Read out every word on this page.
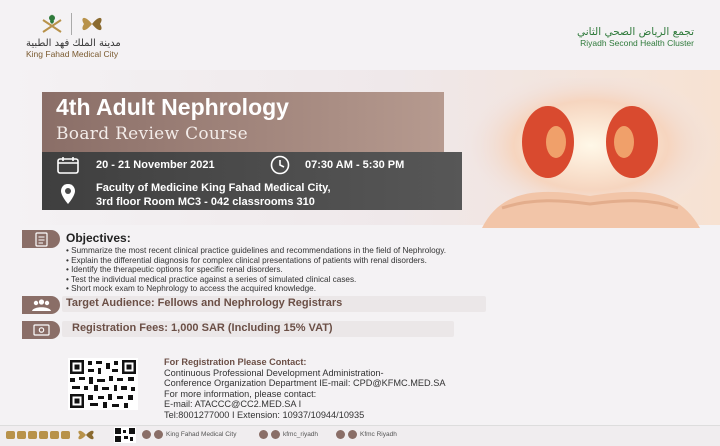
مدينة الملك فهد الطبية
King Fahad Medical City
تجمع الرياض الصحي الثاني
Riyadh Second Health Cluster
4th Adult Nephrology
Board Review Course
20 - 21 November 2021	07:30 AM - 5:30 PM
Faculty of Medicine King Fahad Medical City,
3rd floor Room MC3 - 042 classrooms 310
Objectives:
• Summarize the most recent clinical practice guidelines and recommendations in the field of Nephrology.
• Explain the differential diagnosis for complex clinical presentations of patients with renal disorders.
• Identify the therapeutic options for specific renal disorders.
• Test the individual medical practice against a series of simulated clinical cases.
• Short mock exam to Nephrology to access the acquired knowledge.
Target Audience: Fellows and Nephrology Registrars
Registration Fees: 1,000 SAR (Including 15% VAT)
For Registration Please Contact:
Continuous Professional Development Administration-
Conference Organization Department IE-mail: CPD@KFMC.MED.SA
For more information, please contact:
E-mail: ATACCC@CC2.MED.SA I
Tel:8001277000 I Extension: 10937/10944/10935
King Fahad Medical City	kfmc_riyadh	Kfmc Riyadh
